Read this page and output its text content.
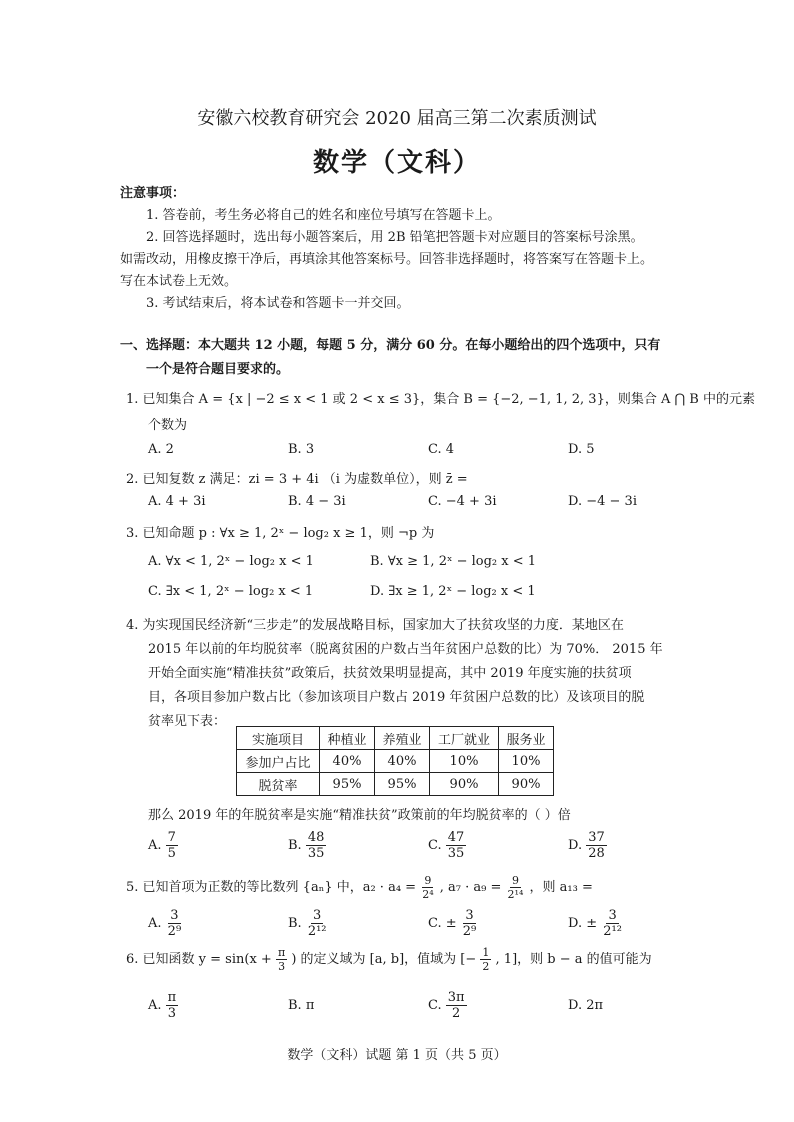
安徽六校教育研究会 2020 届高三第二次素质测试
数学（文科）
注意事项：
1. 答卷前，考生务必将自己的姓名和座位号填写在答题卡上。
2. 回答选择题时，选出每小题答案后，用 2B 铅笔把答题卡对应题目的答案标号涂黑。
如需改动，用橡皮擦干净后，再填涂其他答案标号。回答非选择题时，将答案写在答题卡上。
写在本试卷上无效。
3. 考试结束后，将本试卷和答题卡一并交回。
一、选择题：本大题共 12 小题，每题 5 分，满分 60 分。在每小题给出的四个选项中，只有
一个是符合题目要求的。
1. 已知集合 A = {x | −2 ≤ x < 1 或 2 < x ≤ 3}，集合 B = {−2, −1, 1, 2, 3}，则集合 A ⋂ B 中的元素
个数为
A. 2	B. 3	C. 4	D. 5
2. 已知复数 z 满足：zi = 3 + 4i （i 为虚数单位），则 z̄ =
A. 4 + 3i	B. 4 − 3i	C. −4 + 3i	D. −4 − 3i
3. 已知命题 p : ∀x ≥ 1, 2ˣ − log₂ x ≥ 1，则 ¬p 为
A. ∀x < 1, 2ˣ − log₂ x < 1	B. ∀x ≥ 1, 2ˣ − log₂ x < 1
C. ∃x < 1, 2ˣ − log₂ x < 1	D. ∃x ≥ 1, 2ˣ − log₂ x < 1
4. 为实现国民经济新“三步走”的发展战略目标，国家加大了扶贫攻坚的力度．某地区在
2015 年以前的年均脱贫率（脱离贫困的户数占当年贫困户总数的比）为 70%． 2015 年
开始全面实施“精准扶贫”政策后，扶贫效果明显提高，其中 2019 年度实施的扶贫项
目，各项目参加户数占比（参加该项目户数占 2019 年贫困户总数的比）及该项目的脱
贫率见下表：
实施项目	种植业	养殖业	工厂就业	服务业
参加户占比	40%	40%	10%	10%
脱贫率	95%	95%	90%	90%
那么 2019 年的年脱贫率是实施“精准扶贫”政策前的年均脱贫率的（ ）倍
A. $\frac{7}{5}$	B. $\frac{48}{35}$	C. $\frac{47}{35}$	D. $\frac{37}{28}$
5. 已知首项为正数的等比数列 {aₙ} 中，$a_2 \cdot a_4 = \frac{9}{\text{2⁴}}$ , $a_7 \cdot a_9 = \frac{9}{\text{2¹⁴}}$ ，则 a₁₃ =
A. $\frac{3}{\text{2⁹}}$	B. $\frac{3}{\text{2¹²}}$	C. ± $\frac{3}{\text{2⁹}}$	D. ± $\frac{3}{\text{2¹²}}$
6. 已知函数 $y = \sin(x + \frac{\pi}{3}$ ) 的定义域为 [a, b]，值域为 [− $\frac{1}{2}$ , 1]，则 b − a 的值可能为
A. $\frac{\pi}{3}$	B. π	C. $\frac{3\pi}{2}$	D. 2π
数学（文科）试题 第 1 页（共 5 页）
